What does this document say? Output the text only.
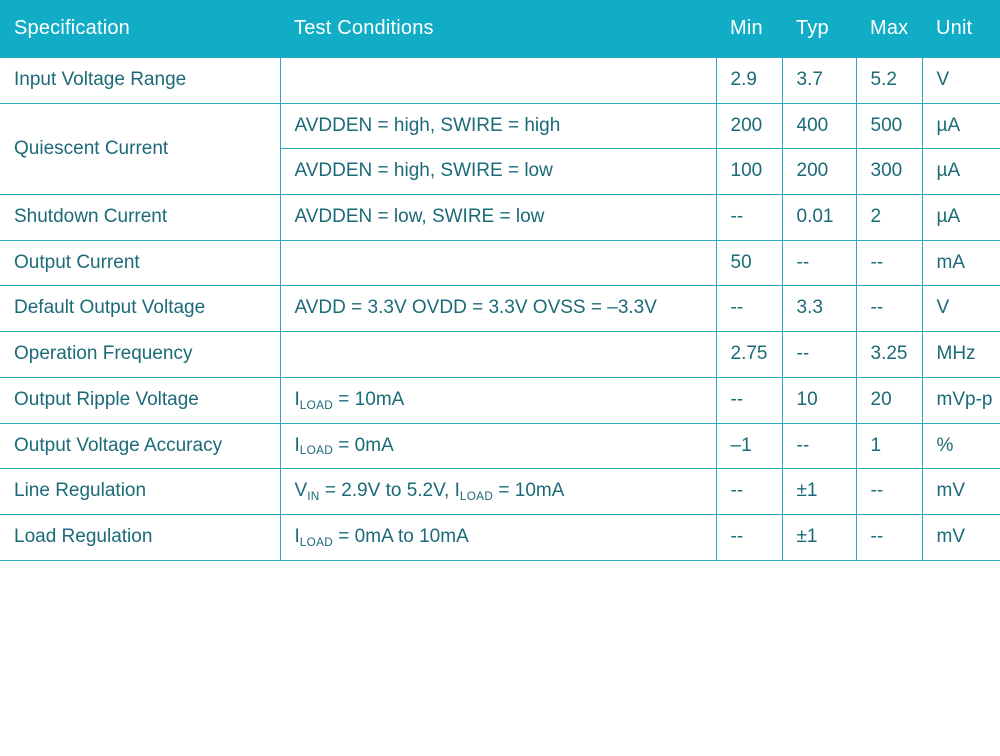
Specification	Test Conditions	Min	Typ	Max	Unit
Input Voltage Range		2.9	3.7	5.2	V
Quiescent Current	AVDDEN = high, SWIRE = high	200	400	500	µA
	AVDDEN = high, SWIRE = low	100	200	300	µA
Shutdown Current	AVDDEN = low, SWIRE = low	--	0.01	2	µA
Output Current		50	--	--	mA
Default Output Voltage	AVDD = 3.3V OVDD = 3.3V OVSS = –3.3V	--	3.3	--	V
Operation Frequency		2.75	--	3.25	MHz
Output Ripple Voltage	$I_{LOAD} = 10mA$	--	10	20	mVp-p
Output Voltage Accuracy	$I_{LOAD} = 0mA$	–1	--	1	%
Line Regulation	$V_{IN} = 2.9V$ to 5.2V, $I_{LOAD} = 10mA$	--	±1	--	mV
Load Regulation	$I_{LOAD} = 0mA$ to 10mA	--	±1	--	mV
